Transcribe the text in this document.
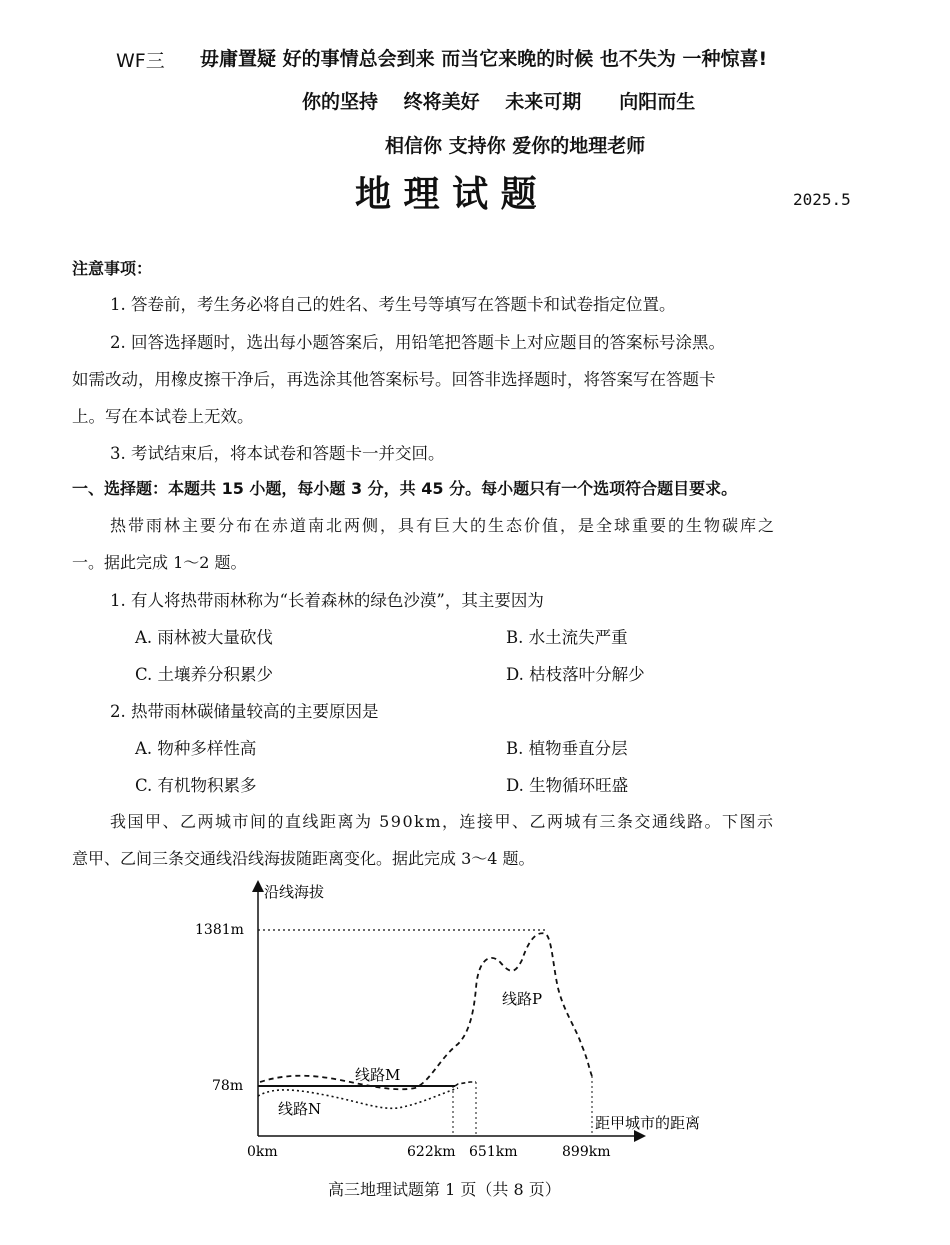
WF三 毋庸置疑 好的事情总会到来 而当它来晚的时候 也不失为 一种惊喜!
你的坚持　 终将美好　 未来可期　　向阳而生
相信你 支持你 爱你的地理老师
地 理 试 题	2025.5
注意事项：
1. 答卷前，考生务必将自己的姓名、考生号等填写在答题卡和试卷指定位置。
2. 回答选择题时，选出每小题答案后，用铅笔把答题卡上对应题目的答案标号涂黑。
如需改动，用橡皮擦干净后，再选涂其他答案标号。回答非选择题时，将答案写在答题卡
上。写在本试卷上无效。
3. 考试结束后，将本试卷和答题卡一并交回。
一、选择题：本题共 15 小题，每小题 3 分，共 45 分。每小题只有一个选项符合题目要求。
热带雨林主要分布在赤道南北两侧，具有巨大的生态价值，是全球重要的生物碳库之
一。据此完成 1～2 题。
1. 有人将热带雨林称为“长着森林的绿色沙漠”，其主要因为
A. 雨林被大量砍伐	B. 水土流失严重
C. 土壤养分积累少	D. 枯枝落叶分解少
2. 热带雨林碳储量较高的主要原因是
A. 物种多样性高	B. 植物垂直分层
C. 有机物积累多	D. 生物循环旺盛
我国甲、乙两城市间的直线距离为 590km，连接甲、乙两城有三条交通线路。下图示
意甲、乙间三条交通线沿线海拔随距离变化。据此完成 3～4 题。
沿线海拔
1381m
78m
距甲城市的距离
0km	622km 651km	899km
线路P
线路M
线路N
高三地理试题第 1 页（共 8 页）
